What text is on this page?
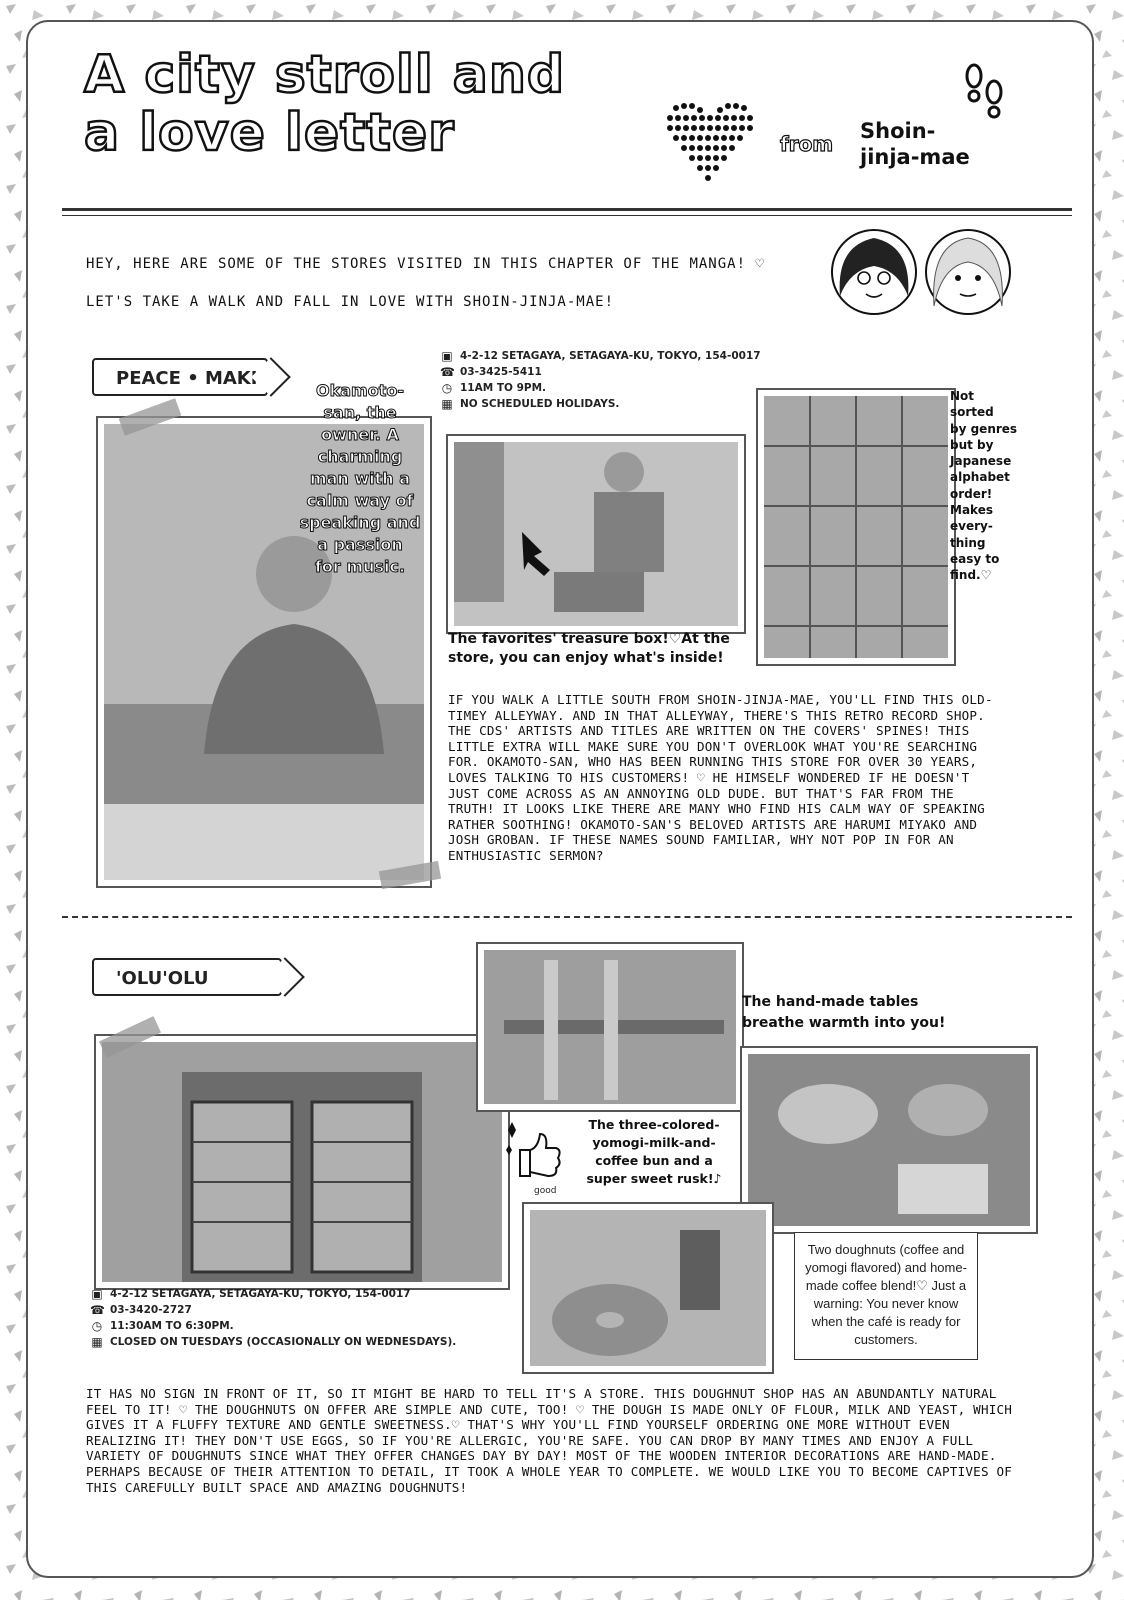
A city stroll and
a love letter	from
Shoin-
jinja-mae
HEY, HERE ARE SOME OF THE STORES VISITED IN THIS CHAPTER OF THE MANGA! ♡
LET'S TAKE A WALK AND FALL IN LOVE WITH SHOIN-JINJA-MAE!
PEACE • MAKI
▣ 4-2-12 SETAGAYA, SETAGAYA-KU, TOKYO, 154-0017
☎ 03-3425-5411
◷ 11AM TO 9PM.
▦ NO SCHEDULED HOLIDAYS.
Okamoto-
san, the
owner. A
charming
man with a
calm way of
speaking and
a passion
for music.
The favorites' treasure box!♡At the store, you can enjoy what's inside!
Not
sorted
by genres
but by
Japanese
alphabet
order!
Makes
every-
thing
easy to
find.♡
IF YOU WALK A LITTLE SOUTH FROM SHOIN-JINJA-MAE, YOU'LL FIND THIS OLD-TIMEY ALLEYWAY. AND IN THAT ALLEYWAY, THERE'S THIS RETRO RECORD SHOP. THE CDS' ARTISTS AND TITLES ARE WRITTEN ON THE COVERS' SPINES! THIS LITTLE EXTRA WILL MAKE SURE YOU DON'T OVERLOOK WHAT YOU'RE SEARCHING FOR. OKAMOTO-SAN, WHO HAS BEEN RUNNING THIS STORE FOR OVER 30 YEARS, LOVES TALKING TO HIS CUSTOMERS! ♡ HE HIMSELF WONDERED IF HE DOESN'T JUST COME ACROSS AS AN ANNOYING OLD DUDE. BUT THAT'S FAR FROM THE TRUTH! IT LOOKS LIKE THERE ARE MANY WHO FIND HIS CALM WAY OF SPEAKING RATHER SOOTHING! OKAMOTO-SAN'S BELOVED ARTISTS ARE HARUMI MIYAKO AND JOSH GROBAN. IF THESE NAMES SOUND FAMILIAR, WHY NOT POP IN FOR AN ENTHUSIASTIC SERMON?
'OLU'OLU
▣ 4-2-12 SETAGAYA, SETAGAYA-KU, TOKYO, 154-0017
☎ 03-3420-2727
◷ 11:30AM TO 6:30PM.
▦ CLOSED ON TUESDAYS (OCCASIONALLY ON WEDNESDAYS).
The hand-made tables breathe warmth into you!
good
The three-colored-yomogi-milk-and-coffee bun and a super sweet rusk!♪
Two doughnuts (coffee and yomogi flavored) and home-made coffee blend!♡ Just a warning: You never know when the café is ready for customers.
IT HAS NO SIGN IN FRONT OF IT, SO IT MIGHT BE HARD TO TELL IT'S A STORE. THIS DOUGHNUT SHOP HAS AN ABUNDANTLY NATURAL FEEL TO IT! ♡ THE DOUGHNUTS ON OFFER ARE SIMPLE AND CUTE, TOO! ♡ THE DOUGH IS MADE ONLY OF FLOUR, MILK AND YEAST, WHICH GIVES IT A FLUFFY TEXTURE AND GENTLE SWEETNESS.♡ THAT'S WHY YOU'LL FIND YOURSELF ORDERING ONE MORE WITHOUT EVEN REALIZING IT! THEY DON'T USE EGGS, SO IF YOU'RE ALLERGIC, YOU'RE SAFE. YOU CAN DROP BY MANY TIMES AND ENJOY A FULL VARIETY OF DOUGHNUTS SINCE WHAT THEY OFFER CHANGES DAY BY DAY! MOST OF THE WOODEN INTERIOR DECORATIONS ARE HAND-MADE. PERHAPS BECAUSE OF THEIR ATTENTION TO DETAIL, IT TOOK A WHOLE YEAR TO COMPLETE. WE WOULD LIKE YOU TO BECOME CAPTIVES OF THIS CAREFULLY BUILT SPACE AND AMAZING DOUGHNUTS!
